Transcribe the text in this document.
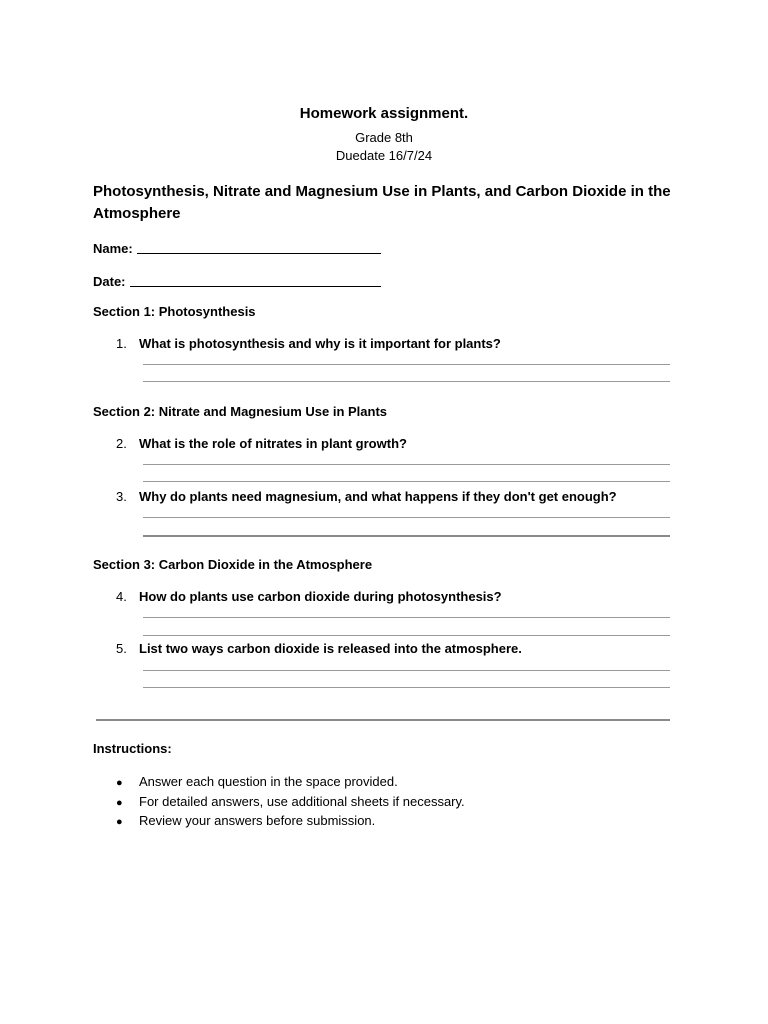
Homework assignment.
Grade 8th
Duedate 16/7/24
Photosynthesis, Nitrate and Magnesium Use in Plants, and Carbon Dioxide in the Atmosphere
Name:
Date:
Section 1: Photosynthesis
1. What is photosynthesis and why is it important for plants?
Section 2: Nitrate and Magnesium Use in Plants
2. What is the role of nitrates in plant growth?
3. Why do plants need magnesium, and what happens if they don't get enough?
Section 3: Carbon Dioxide in the Atmosphere
4. How do plants use carbon dioxide during photosynthesis?
5. List two ways carbon dioxide is released into the atmosphere.
Instructions:
● Answer each question in the space provided.
● For detailed answers, use additional sheets if necessary.
● Review your answers before submission.
